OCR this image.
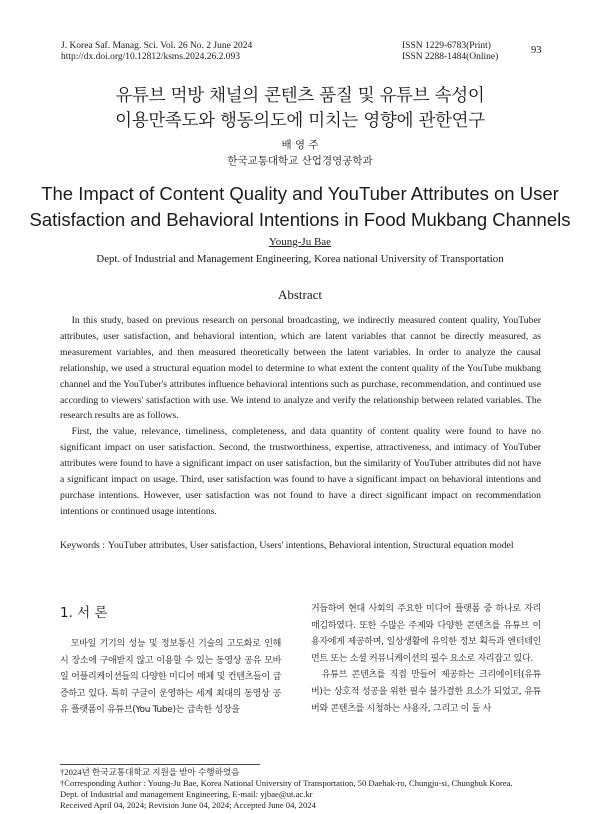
J. Korea Saf. Manag. Sci. Vol. 26 No. 2 June 2024
http://dx.doi.org/10.12812/ksms.2024.26.2.093
ISSN 1229-6783(Print)
ISSN 2288-1484(Online)
93
유튜브 먹방 채널의 콘텐츠 품질 및 유튜브 속성이
이용만족도와 행동의도에 미치는 영향에 관한연구
배 영 주
한국교통대학교 산업경영공학과
The Impact of Content Quality and YouTuber Attributes on User
Satisfaction and Behavioral Intentions in Food Mukbang Channels
Young-Ju Bae
Dept. of Industrial and Management Engineering, Korea national University of Transportation
Abstract

In this study, based on previous research on personal broadcasting, we indirectly measured content quality, YouTuber attributes, user satisfaction, and behavioral intention, which are latent variables that cannot be directly measured, as measurement variables, and then measured theoretically between the latent variables. In order to analyze the causal relationship, we used a structural equation model to determine to what extent the content quality of the YouTube mukbang channel and the YouTuber's attributes influence behavioral intentions such as purchase, recommendation, and continued use according to viewers' satisfaction with use. We intend to analyze and verify the relationship between related variables. The research results are as follows.

First, the value, relevance, timeliness, completeness, and data quantity of content quality were found to have no significant impact on user satisfaction. Second, the trustworthiness, expertise, attractiveness, and intimacy of YouTuber attributes were found to have a significant impact on user satisfaction, but the similarity of YouTuber attributes did not have a significant impact on usage. Third, user satisfaction was found to have a significant impact on behavioral intentions and purchase intentions. However, user satisfaction was not found to have a direct significant impact on recommendation intentions or continued usage intentions.

Keywords : YouTuber attributes, User satisfaction, Users' intentions, Behavioral intention, Structural equation model
1. 서 론

모바일 기기의 성능 및 정보통신 기술의 고도화로 인해 시 장소에 구애받지 않고 이용할 수 있는 동영상 공유 모바일 어플리케이션들의 다양한 미디어 매체 및 컨텐츠들이 급증하고 있다. 특히 구글이 운영하는 세계 최대의 동영상 공유 플랫폼이 유튜브(You Tube)는 급속한 성장을

거듭하여 현대 사회의 주요한 미디어 플랫폼 중 하나로 자리매김하였다. 또한 수많은 주제와 다양한 콘텐츠를 유튜브 이용자에게 제공하며, 일상생활에 유익한 정보 획득과 엔터테인먼트 또는 소셜 커뮤니케이션의 필수 요소로 자리잡고 있다.

유튜브 콘텐츠를 직접 만들어 제공하는 크리에이터(유튜버)는 상호적 성공을 위한 필수 불가결한 요소가 되었고, 유튜버와 콘텐츠를 시청하는 사용자, 그리고 이 둘 사

†2024년 한국교통대학교 지원을 받아 수행하였음

†Corresponding Author : Young-Ju Bae, Korea National University of Transportation, 50 Daehak-ro, Chungju-si, Chungbuk Korea.

Dept. of Industrial and management Engineering, E-mail: yjbae@ut.ac.kr

Received April 04, 2024; Revision June 04, 2024; Accepted June 04, 2024
